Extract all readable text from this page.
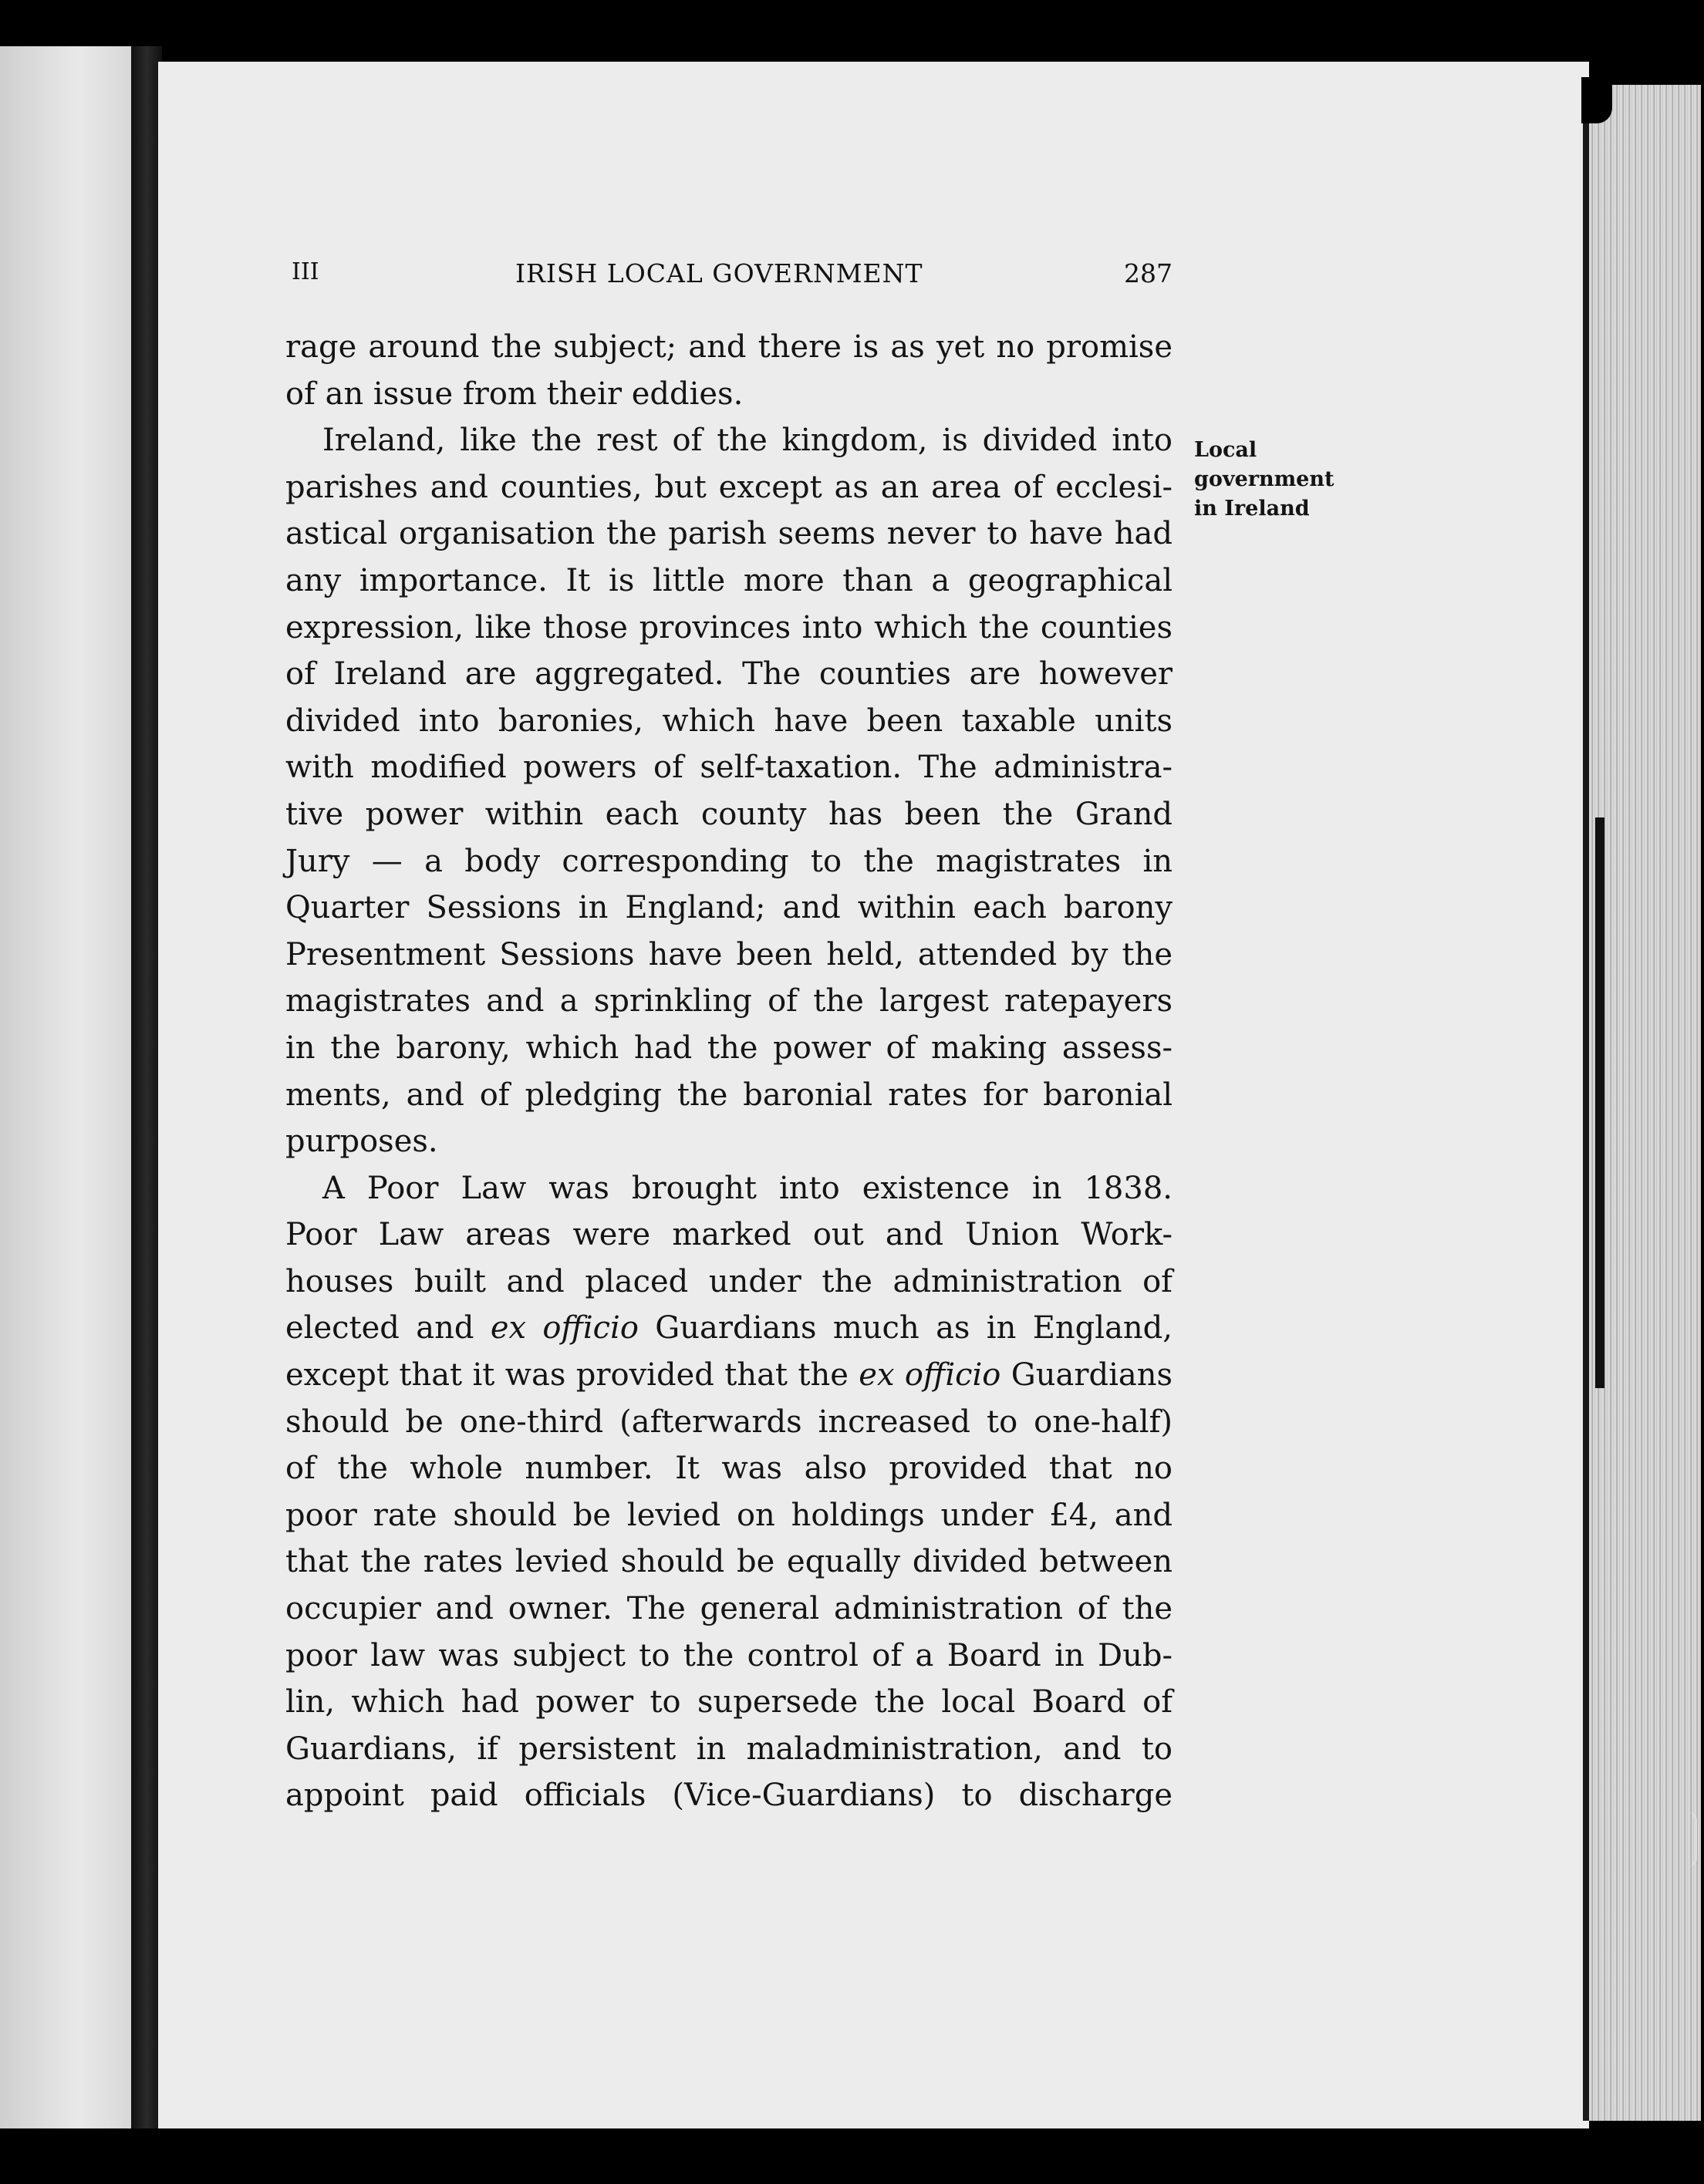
III	IRISH LOCAL GOVERNMENT	287
Local
government
in Ireland
rage around the subject; and there is as yet no promise
of an issue from their eddies.
Ireland, like the rest of the kingdom, is divided into
parishes and counties, but except as an area of ecclesi-
astical organisation the parish seems never to have had
any importance. It is little more than a geographical
expression, like those provinces into which the counties
of Ireland are aggregated. The counties are however
divided into baronies, which have been taxable units
with modified powers of self-taxation. The administra-
tive power within each county has been the Grand
Jury — a body corresponding to the magistrates in
Quarter Sessions in England; and within each barony
Presentment Sessions have been held, attended by the
magistrates and a sprinkling of the largest ratepayers
in the barony, which had the power of making assess-
ments, and of pledging the baronial rates for baronial
purposes.
A Poor Law was brought into existence in 1838.
Poor Law areas were marked out and Union Work-
houses built and placed under the administration of
elected and ex officio Guardians much as in England,
except that it was provided that the ex officio Guardians
should be one-third (afterwards increased to one-half)
of the whole number. It was also provided that no
poor rate should be levied on holdings under £4, and
that the rates levied should be equally divided between
occupier and owner. The general administration of the
poor law was subject to the control of a Board in Dub-
lin, which had power to supersede the local Board of
Guardians, if persistent in maladministration, and to
appoint paid officials (Vice-Guardians) to discharge
